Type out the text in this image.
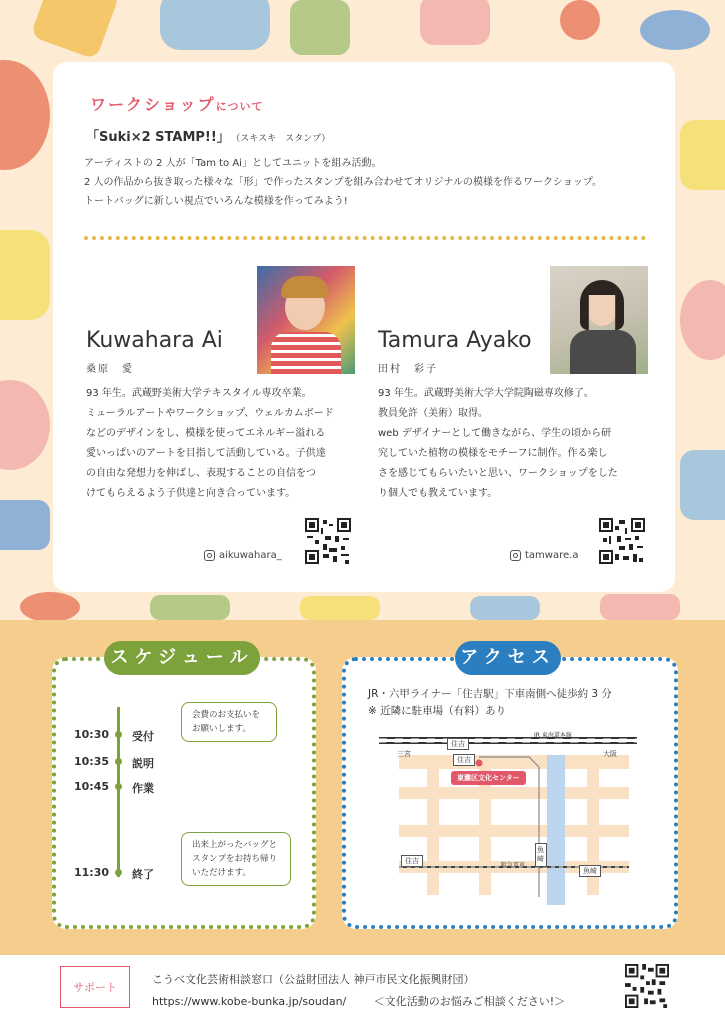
ワークショップについて
「Suki×2 STAMP!!」 （スキスキ　スタンプ）
アーティストの 2 人が「Tam to Ai」としてユニットを組み活動。
2 人の作品から抜き取った様々な「形」で作ったスタンプを組み合わせてオリジナルの模様を作るワークショップ。
トートバッグに新しい視点でいろんな模様を作ってみよう!
Kuwahara Ai
桑原　愛
93 年生。武蔵野美術大学テキスタイル専攻卒業。
ミューラルアートやワークショップ、ウェルカムボード
などのデザインをし、模様を使ってエネルギー溢れる
愛いっぱいのアートを目指して活動している。子供達
の自由な発想力を伸ばし、表現することの自信をつ
けてもらえるよう子供達と向き合っています。
aikuwahara_
Tamura Ayako
田村　彩子
93 年生。武蔵野美術大学大学院陶磁専攻修了。
教員免許（美術）取得。
web デザイナーとして働きながら、学生の頃から研
究していた植物の模様をモチーフに制作。作る楽し
さを感じてもらいたいと思い、ワークショップをした
り個人でも教えています。
tamware.a
スケジュール
10:30 受付
10:35 説明
10:45 作業
11:30 終了
会費のお支払いを
お願いします。
出来上がったバッグと
スタンプをお持ち帰り
いただけます。
アクセス
JR・六甲ライナー「住吉駅」下車南側へ徒歩約 3 分
※ 近隣に駐車場（有料）あり
JR 東海道本線
三宮	大阪
住吉
住吉
東灘区文化センター
阪急電車
住吉
魚崎
魚崎
サポート
こうべ文化芸術相談窓口（公益財団法人 神戸市民文化振興財団）
https://www.kobe-bunka.jp/soudan/	＜文化活動のお悩みご相談ください!＞
